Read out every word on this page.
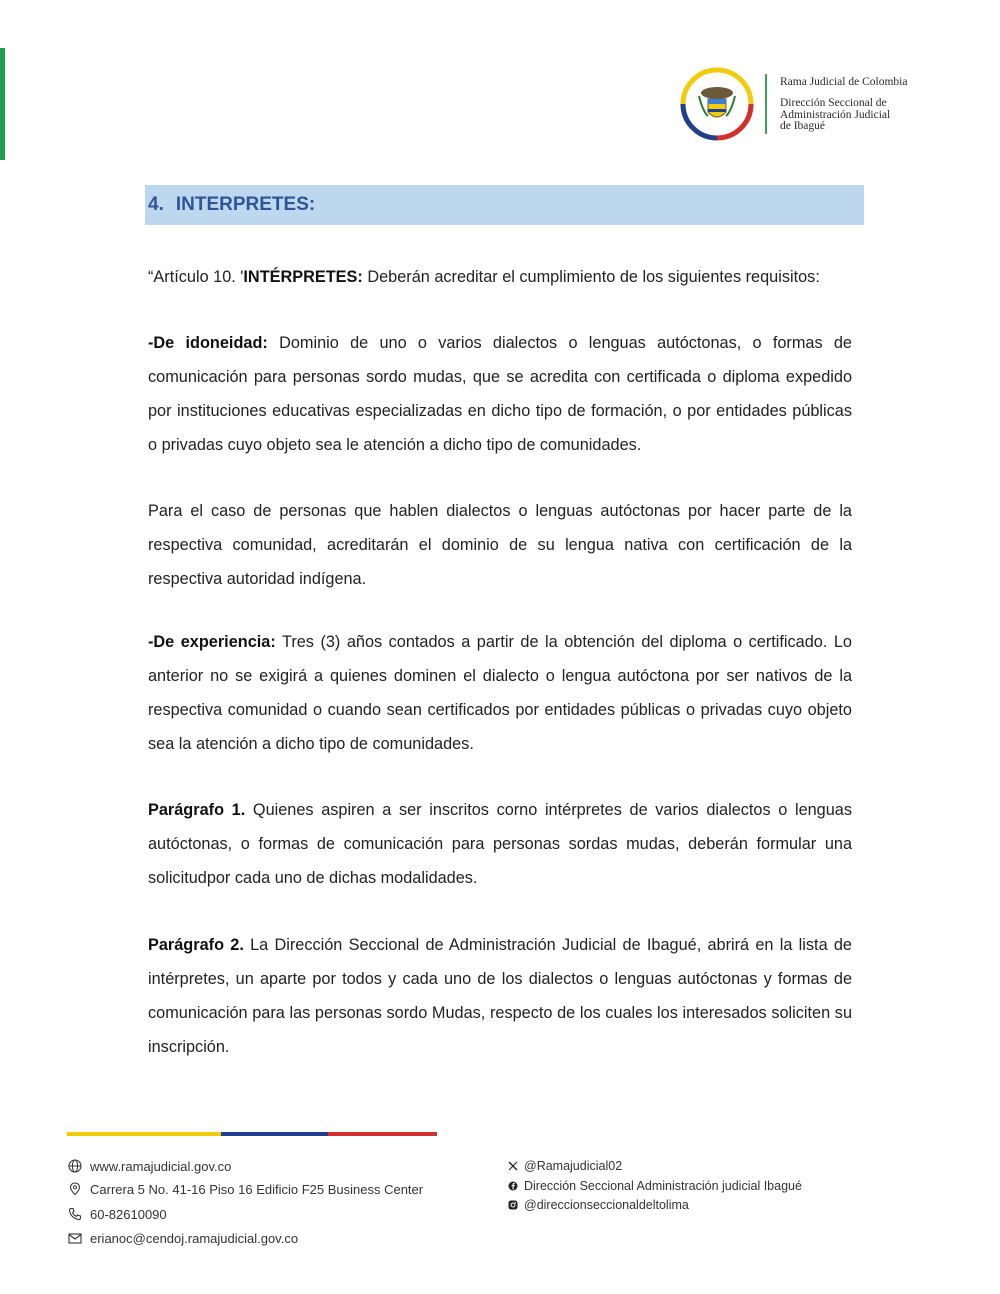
Rama Judicial de Colombia
Dirección Seccional de
Administración Judicial
de Ibagué
4. INTERPRETES:

“Artículo 10. 'INTÉRPRETES: Deberán acreditar el cumplimiento de los siguientes requisitos:

-De idoneidad: Dominio de uno o varios dialectos o lenguas autóctonas, o formas de comunicación para personas sordo mudas, que se acredita con certificada o diploma expedido por instituciones educativas especializadas en dicho tipo de formación, o por entidades públicas o privadas cuyo objeto sea le atención a dicho tipo de comunidades.

Para el caso de personas que hablen dialectos o lenguas autóctonas por hacer parte de la respectiva comunidad, acreditarán el dominio de su lengua nativa con certificación de la respectiva autoridad indígena.

-De experiencia: Tres (3) años contados a partir de la obtención del diploma o certificado. Lo anterior no se exigirá a quienes dominen el dialecto o lengua autóctona por ser nativos de la respectiva comunidad o cuando sean certificados por entidades públicas o privadas cuyo objeto sea la atención a dicho tipo de comunidades.

Parágrafo 1. Quienes aspiren a ser inscritos corno intérpretes de varios dialectos o lenguas autóctonas, o formas de comunicación para personas sordas mudas, deberán formular una solicitudpor cada uno de dichas modalidades.

Parágrafo 2. La Dirección Seccional de Administración Judicial de Ibagué, abrirá en la lista de intérpretes, un aparte por todos y cada uno de los dialectos o lenguas autóctonas y formas de comunicación para las personas sordo Mudas, respecto de los cuales los interesados soliciten su inscripción.

www.ramajudicial.gov.co
Carrera 5 No. 41-16 Piso 16 Edificio F25 Business Center
60-82610090
erianoc@cendoj.ramajudicial.gov.co
@Ramajudicial02
Dirección Seccional Administración judicial Ibagué
@direccionseccionaldeltolima
